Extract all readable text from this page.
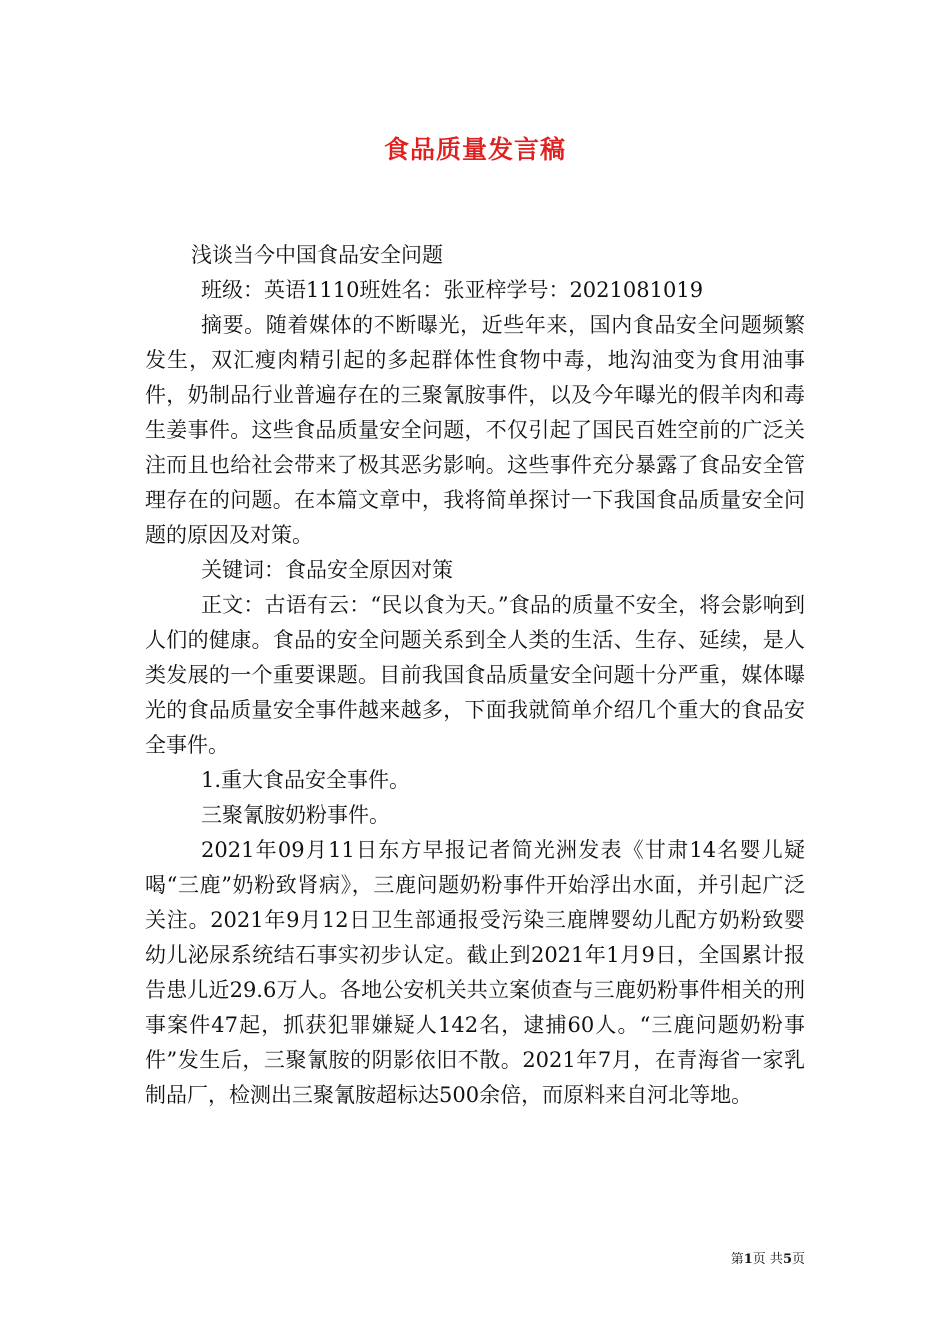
食品质量发言稿

浅谈当今中国食品安全问题

班级：英语1110班姓名：张亚梓学号：2021081019

摘要。随着媒体的不断曝光，近些年来，国内食品安全问题频繁发生，双汇瘦肉精引起的多起群体性食物中毒，地沟油变为食用油事件，奶制品行业普遍存在的三聚氰胺事件，以及今年曝光的假羊肉和毒生姜事件。这些食品质量安全问题，不仅引起了国民百姓空前的广泛关注而且也给社会带来了极其恶劣影响。这些事件充分暴露了食品安全管理存在的问题。在本篇文章中，我将简单探讨一下我国食品质量安全问题的原因及对策。

关键词：食品安全原因对策

正文：古语有云：“民以食为天。”食品的质量不安全，将会影响到人们的健康。食品的安全问题关系到全人类的生活、生存、延续，是人类发展的一个重要课题。目前我国食品质量安全问题十分严重，媒体曝光的食品质量安全事件越来越多，下面我就简单介绍几个重大的食品安全事件。

1.重大食品安全事件。

三聚氰胺奶粉事件。

2021年09月11日东方早报记者简光洲发表《甘肃14名婴儿疑喝“三鹿”奶粉致肾病》，三鹿问题奶粉事件开始浮出水面，并引起广泛关注。2021年9月12日卫生部通报受污染三鹿牌婴幼儿配方奶粉致婴幼儿泌尿系统结石事实初步认定。截止到2021年1月9日，全国累计报告患儿近29.6万人。各地公安机关共立案侦查与三鹿奶粉事件相关的刑事案件47起，抓获犯罪嫌疑人142名，逮捕60人。“三鹿问题奶粉事件”发生后，三聚氰胺的阴影依旧不散。2021年7月，在青海省一家乳制品厂，检测出三聚氰胺超标达500余倍，而原料来自河北等地。

第1页 共5页
